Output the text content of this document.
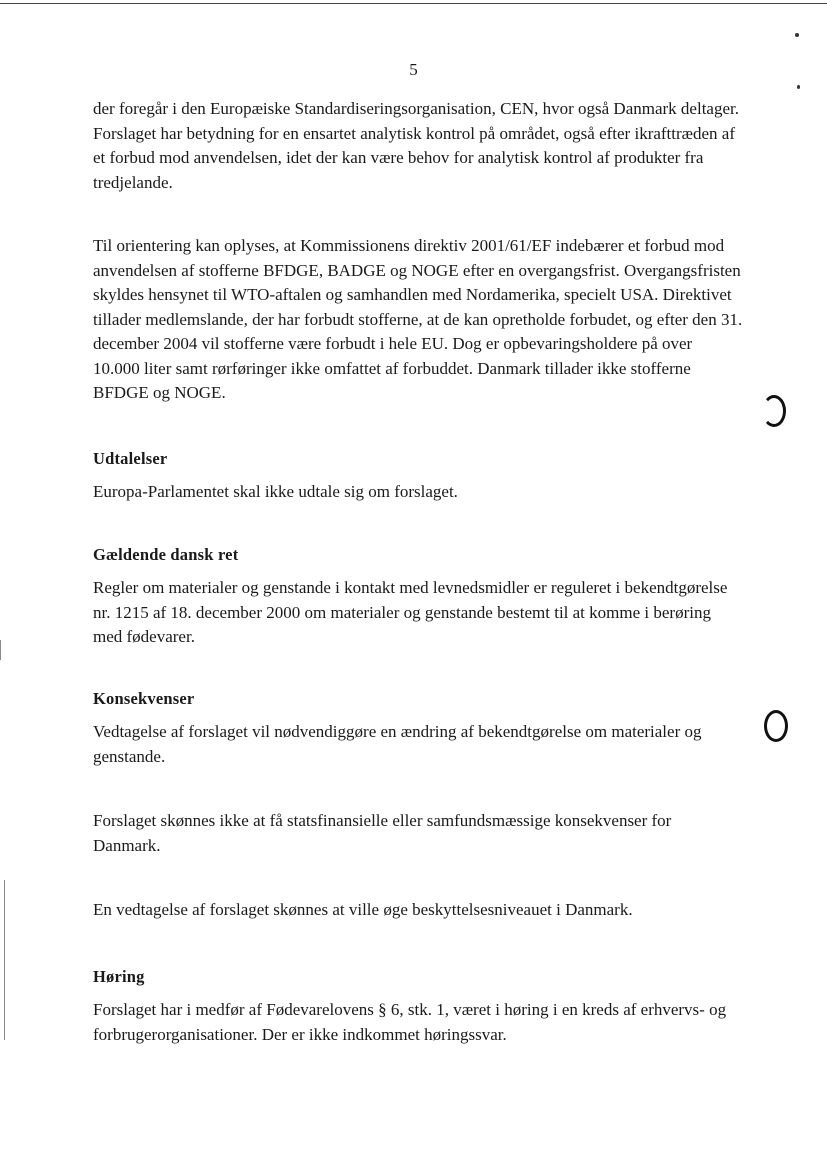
5

der foregår i den Europæiske Standardiseringsorganisation, CEN, hvor også Danmark deltager. Forslaget har betydning for en ensartet analytisk kontrol på området, også efter ikrafttræden af et forbud mod anvendelsen, idet der kan være behov for analytisk kontrol af produkter fra tredjelande.

Til orientering kan oplyses, at Kommissionens direktiv 2001/61/EF indebærer et forbud mod anvendelsen af stofferne BFDGE, BADGE og NOGE efter en overgangsfrist. Overgangsfristen skyldes hensynet til WTO-aftalen og samhandlen med Nordamerika, specielt USA. Direktivet tillader medlemslande, der har forbudt stofferne, at de kan opretholde forbudet, og efter den 31. december 2004 vil stofferne være forbudt i hele EU. Dog er opbevaringsholdere på over 10.000 liter samt rørføringer ikke omfattet af forbuddet. Danmark tillader ikke stofferne BFDGE og NOGE.

Udtalelser

Europa-Parlamentet skal ikke udtale sig om forslaget.

Gældende dansk ret

Regler om materialer og genstande i kontakt med levnedsmidler er reguleret i bekendtgørelse nr. 1215 af 18. december 2000 om materialer og genstande bestemt til at komme i berøring med fødevarer.

Konsekvenser

Vedtagelse af forslaget vil nødvendiggøre en ændring af bekendtgørelse om materialer og genstande.

Forslaget skønnes ikke at få statsfinansielle eller samfundsmæssige konsekvenser for Danmark.

En vedtagelse af forslaget skønnes at ville øge beskyttelsesniveauet i Danmark.

Høring

Forslaget har i medfør af Fødevarelovens § 6, stk. 1, været i høring i en kreds af erhvervs- og forbrugerorganisationer. Der er ikke indkommet høringssvar.
